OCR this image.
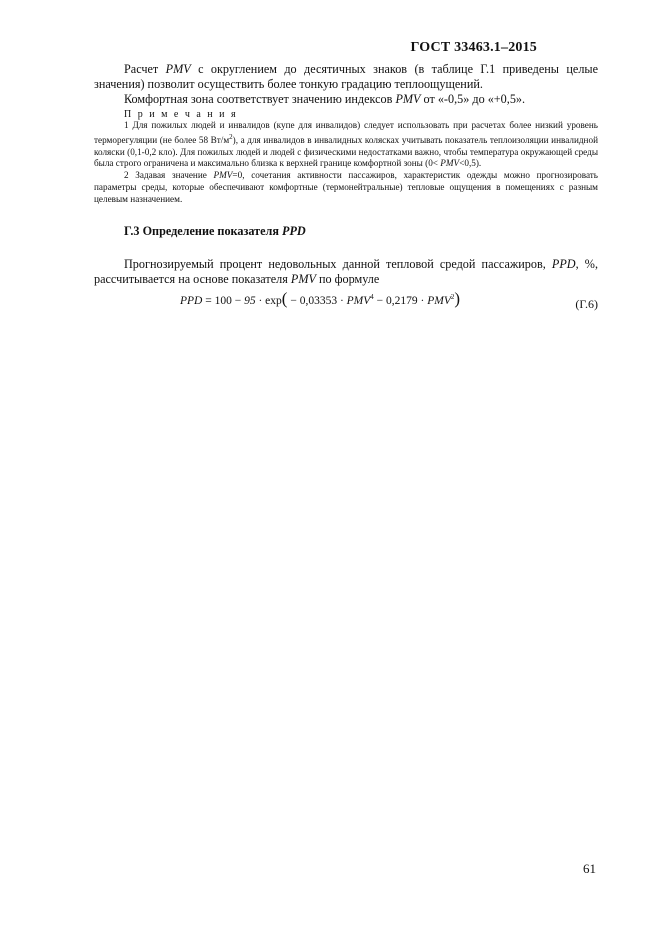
ГОСТ 33463.1–2015

Расчет PMV с округлением до десятичных знаков (в таблице Г.1 приведены целые значения) позволит осуществить более тонкую градацию теплоощущений.

Комфортная зона соответствует значению индексов PMV от «-0,5» до «+0,5».

П р и м е ч а н и я

1 Для пожилых людей и инвалидов (купе для инвалидов) следует использовать при расчетах более низкий уровень терморегуляции (не более 58 $Вт/м^2$), а для инвалидов в инвалидных колясках учитывать показатель теплоизоляции инвалидной коляски (0,1-0,2 кло). Для пожилых людей и людей с физическими недостатками важно, чтобы температура окружающей среды была строго ограничена и максимально близка к верхней границе комфортной зоны (0< PMV<0,5).

2 Задавая значение PMV=0, сочетания активности пассажиров, характеристик одежды можно прогнозировать параметры среды, которые обеспечивают комфортные (термонейтральные) тепловые ощущения в помещениях с разным целевым назначением.

Г.3 Определение показателя PPD

Прогнозируемый процент недовольных данной тепловой средой пассажиров, PPD, %, рассчитывается на основе показателя PMV по формуле

PPD = $100 - 95 \cdot \exp( - 0,03353 \cdot PMV^4 - 0,2179 \cdot PMV^2)$	(Г.6)
61
